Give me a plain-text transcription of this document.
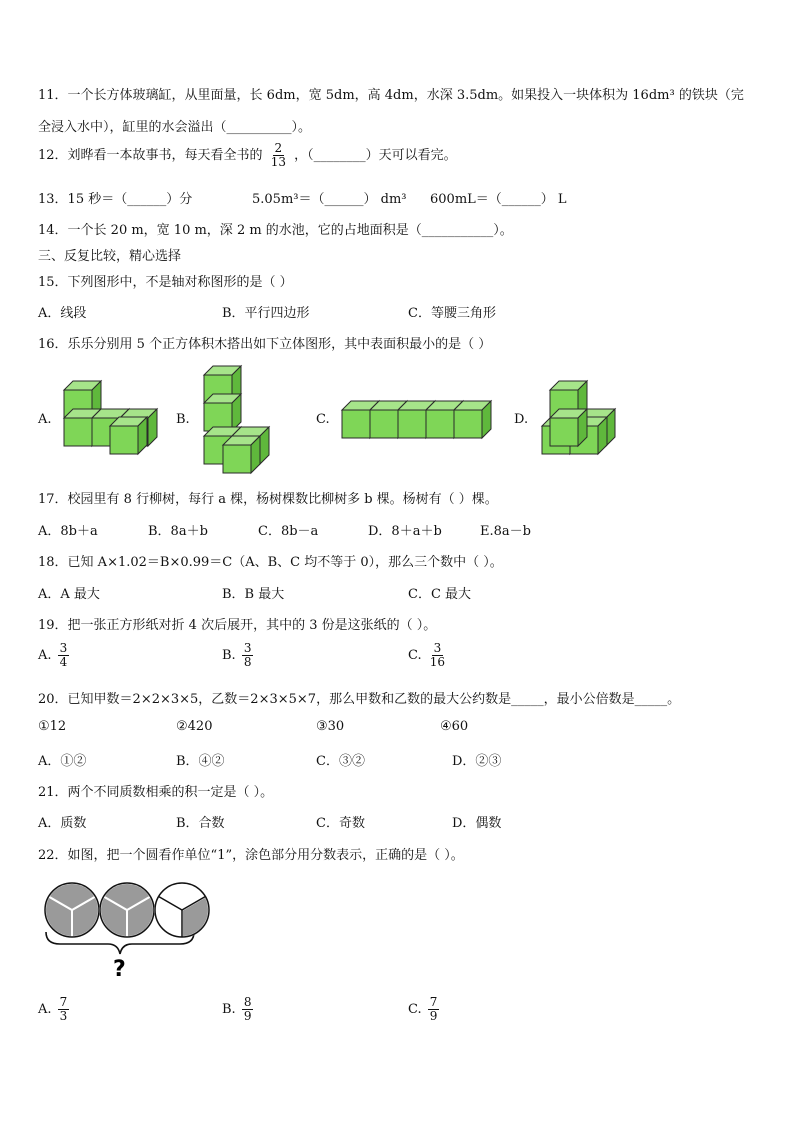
11．一个长方体玻璃缸，从里面量，长 6dm，宽 5dm，高 4dm，水深 3.5dm。如果投入一块体积为 16dm³ 的铁块（完
全浸入水中），缸里的水会溢出（__________）。
12．刘晔看一本故事书，每天看全书的 $\frac{2}{13}$ ，（________）天可以看完。
13．15 秒＝（______）分	5.05m³＝（______） dm³ 600mL＝（______） L
14．一个长 20 m，宽 10 m，深 2 m 的水池，它的占地面积是（___________）。
三、反复比较，精心选择
15．下列图形中，不是轴对称图形的是（ ）
A．线段	B．平行四边形	C．等腰三角形
16．乐乐分别用 5 个正方体积木搭出如下立体图形，其中表面积最小的是（ ）
A.	B.	C.	D.
17．校园里有 8 行柳树，每行 a 棵，杨树棵数比柳树多 b 棵。杨树有（ ）棵。
A．8b＋a	B．8a＋b	C．8b－a	D．8＋a＋b	E.8a－b
18．已知 A×1.02＝B×0.99＝C（A、B、C 均不等于 0），那么三个数中（ ）。
A．A 最大	B．B 最大	C．C 最大
19．把一张正方形纸对折 4 次后展开，其中的 3 份是这张纸的（ ）。
A. $\frac{3}{4}$	B. $\frac{3}{8}$	C. $\frac{3}{16}$
20．已知甲数＝2×2×3×5，乙数＝2×3×5×7，那么甲数和乙数的最大公约数是_____，最小公倍数是_____。
①12	②420	③30	④60
A．①②	B．④②	C．③②	D．②③
21．两个不同质数相乘的积一定是（ ）。
A．质数	B．合数	C．奇数	D．偶数
22．如图，把一个圆看作单位“1”，涂色部分用分数表示，正确的是（ ）。
?
A. $\frac{7}{3}$	B. $\frac{8}{9}$	C. $\frac{7}{9}$
